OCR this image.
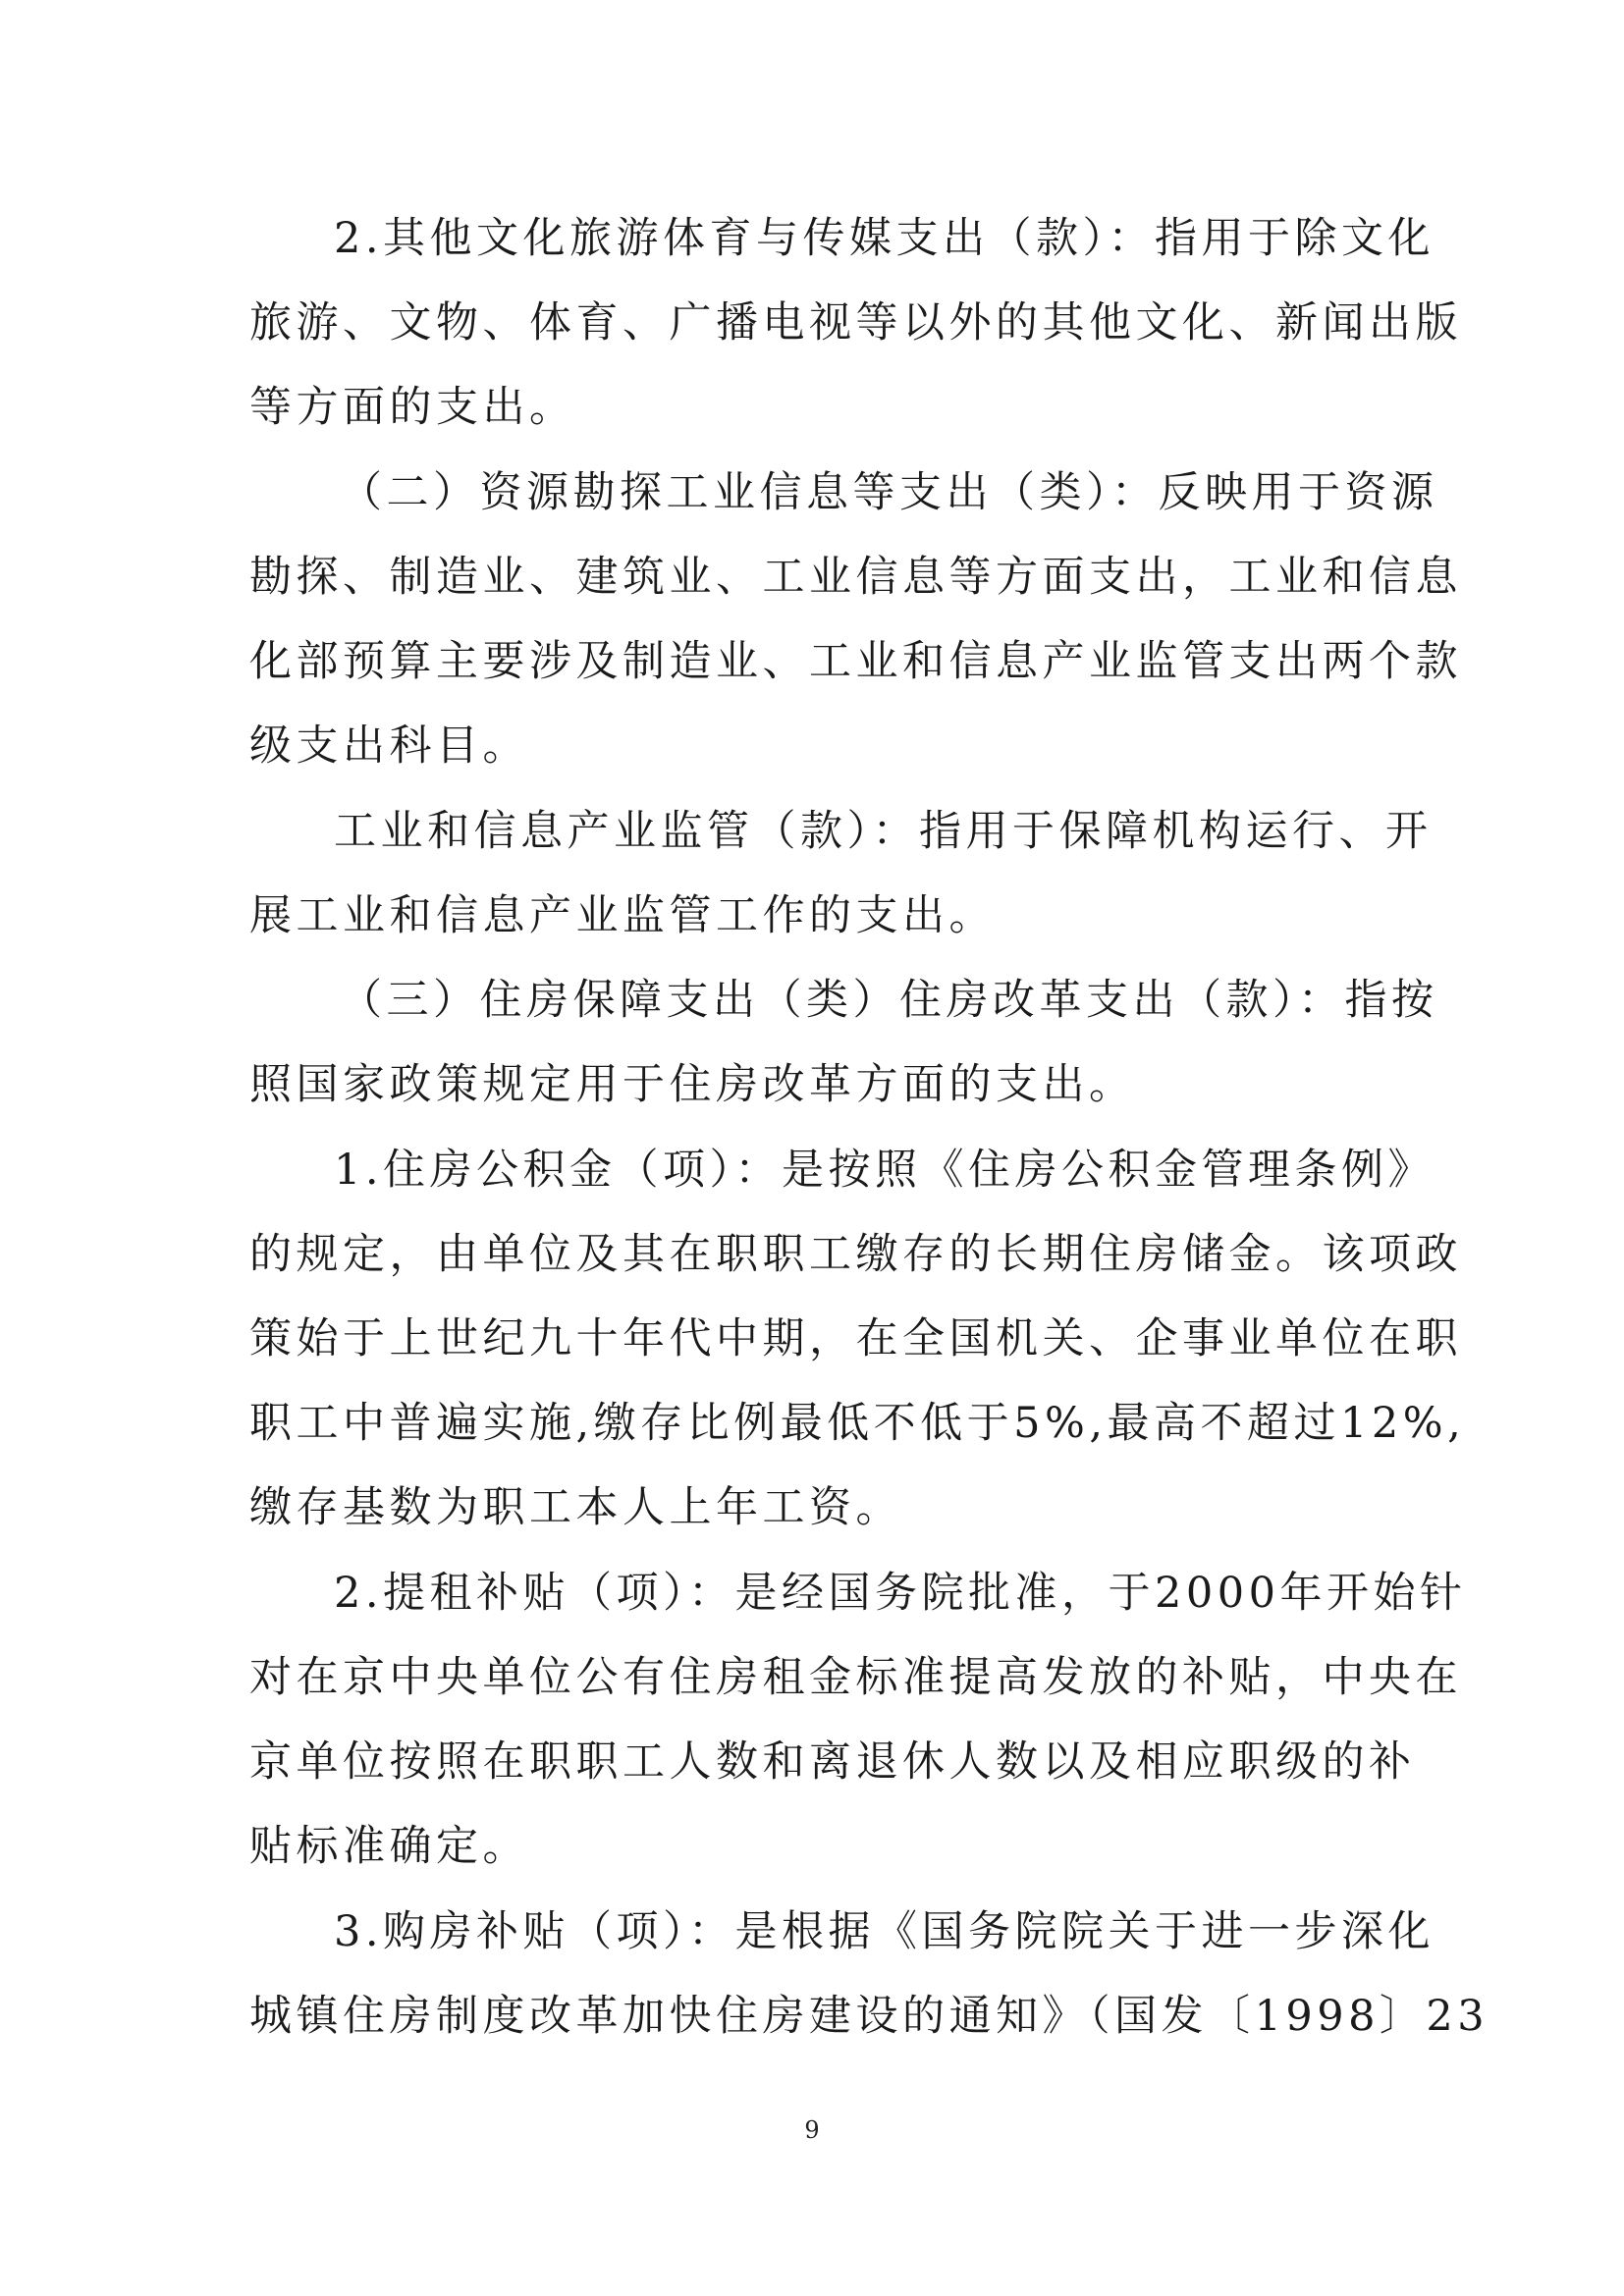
2.其他文化旅游体育与传媒支出（款）：指用于除文化
旅游、文物、体育、广播电视等以外的其他文化、新闻出版
等方面的支出。
（二）资源勘探工业信息等支出（类）：反映用于资源
勘探、制造业、建筑业、工业信息等方面支出，工业和信息
化部预算主要涉及制造业、工业和信息产业监管支出两个款
级支出科目。
工业和信息产业监管（款）：指用于保障机构运行、开
展工业和信息产业监管工作的支出。
（三）住房保障支出（类）住房改革支出（款）：指按
照国家政策规定用于住房改革方面的支出。
1.住房公积金（项）：是按照《住房公积金管理条例》
的规定，由单位及其在职职工缴存的长期住房储金。该项政
策始于上世纪九十年代中期，在全国机关、企事业单位在职
职工中普遍实施,缴存比例最低不低于5%,最高不超过12%,
缴存基数为职工本人上年工资。
2.提租补贴（项）：是经国务院批准，于2000年开始针
对在京中央单位公有住房租金标准提高发放的补贴，中央在
京单位按照在职职工人数和离退休人数以及相应职级的补
贴标准确定。
3.购房补贴（项）：是根据《国务院院关于进一步深化
城镇住房制度改革加快住房建设的通知》（国发〔1998〕23
9
